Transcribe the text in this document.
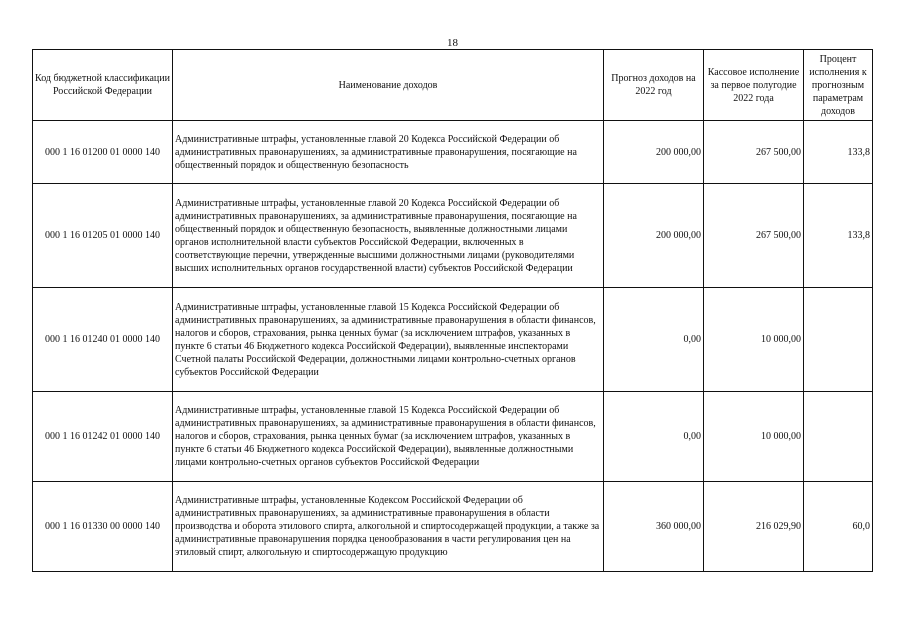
18
Код бюджетной классификации Российской Федерации	Наименование доходов	Прогноз доходов на 2022 год	Кассовое исполнение за первое полугодие 2022 года	Процент исполнения к прогнозным параметрам доходов
000 1 16 01200 01 0000 140	Административные штрафы, установленные главой 20 Кодекса Российской Федерации об административных правонарушениях, за административные правонарушения, посягающие на общественный порядок и общественную безопасность	200 000,00	267 500,00	133,8
000 1 16 01205 01 0000 140	Административные штрафы, установленные главой 20 Кодекса Российской Федерации об административных правонарушениях, за административные правонарушения, посягающие на общественный порядок и общественную безопасность, выявленные должностными лицами органов исполнительной власти субъектов Российской Федерации, включенных в соответствующие перечни, утвержденные высшими должностными лицами (руководителями высших исполнительных органов государственной власти) субъектов Российской Федерации	200 000,00	267 500,00	133,8
000 1 16 01240 01 0000 140	Административные штрафы, установленные главой 15 Кодекса Российской Федерации об административных правонарушениях, за административные правонарушения в области финансов, налогов и сборов, страхования, рынка ценных бумаг (за исключением штрафов, указанных в пункте 6 статьи 46 Бюджетного кодекса Российской Федерации), выявленные инспекторами Счетной палаты Российской Федерации, должностными лицами контрольно-счетных органов субъектов Российской Федерации	0,00	10 000,00	
000 1 16 01242 01 0000 140	Административные штрафы, установленные главой 15 Кодекса Российской Федерации об административных правонарушениях, за административные правонарушения в области финансов, налогов и сборов, страхования, рынка ценных бумаг (за исключением штрафов, указанных в пункте 6 статьи 46 Бюджетного кодекса Российской Федерации), выявленные должностными лицами контрольно-счетных органов субъектов Российской Федерации	0,00	10 000,00	
000 1 16 01330 00 0000 140	Административные штрафы, установленные Кодексом Российской Федерации об административных правонарушениях, за административные правонарушения в области производства и оборота этилового спирта, алкогольной и спиртосодержащей продукции, а также за административные правонарушения порядка ценообразования в части регулирования цен на этиловый спирт, алкогольную и спиртосодержащую продукцию	360 000,00	216 029,90	60,0
